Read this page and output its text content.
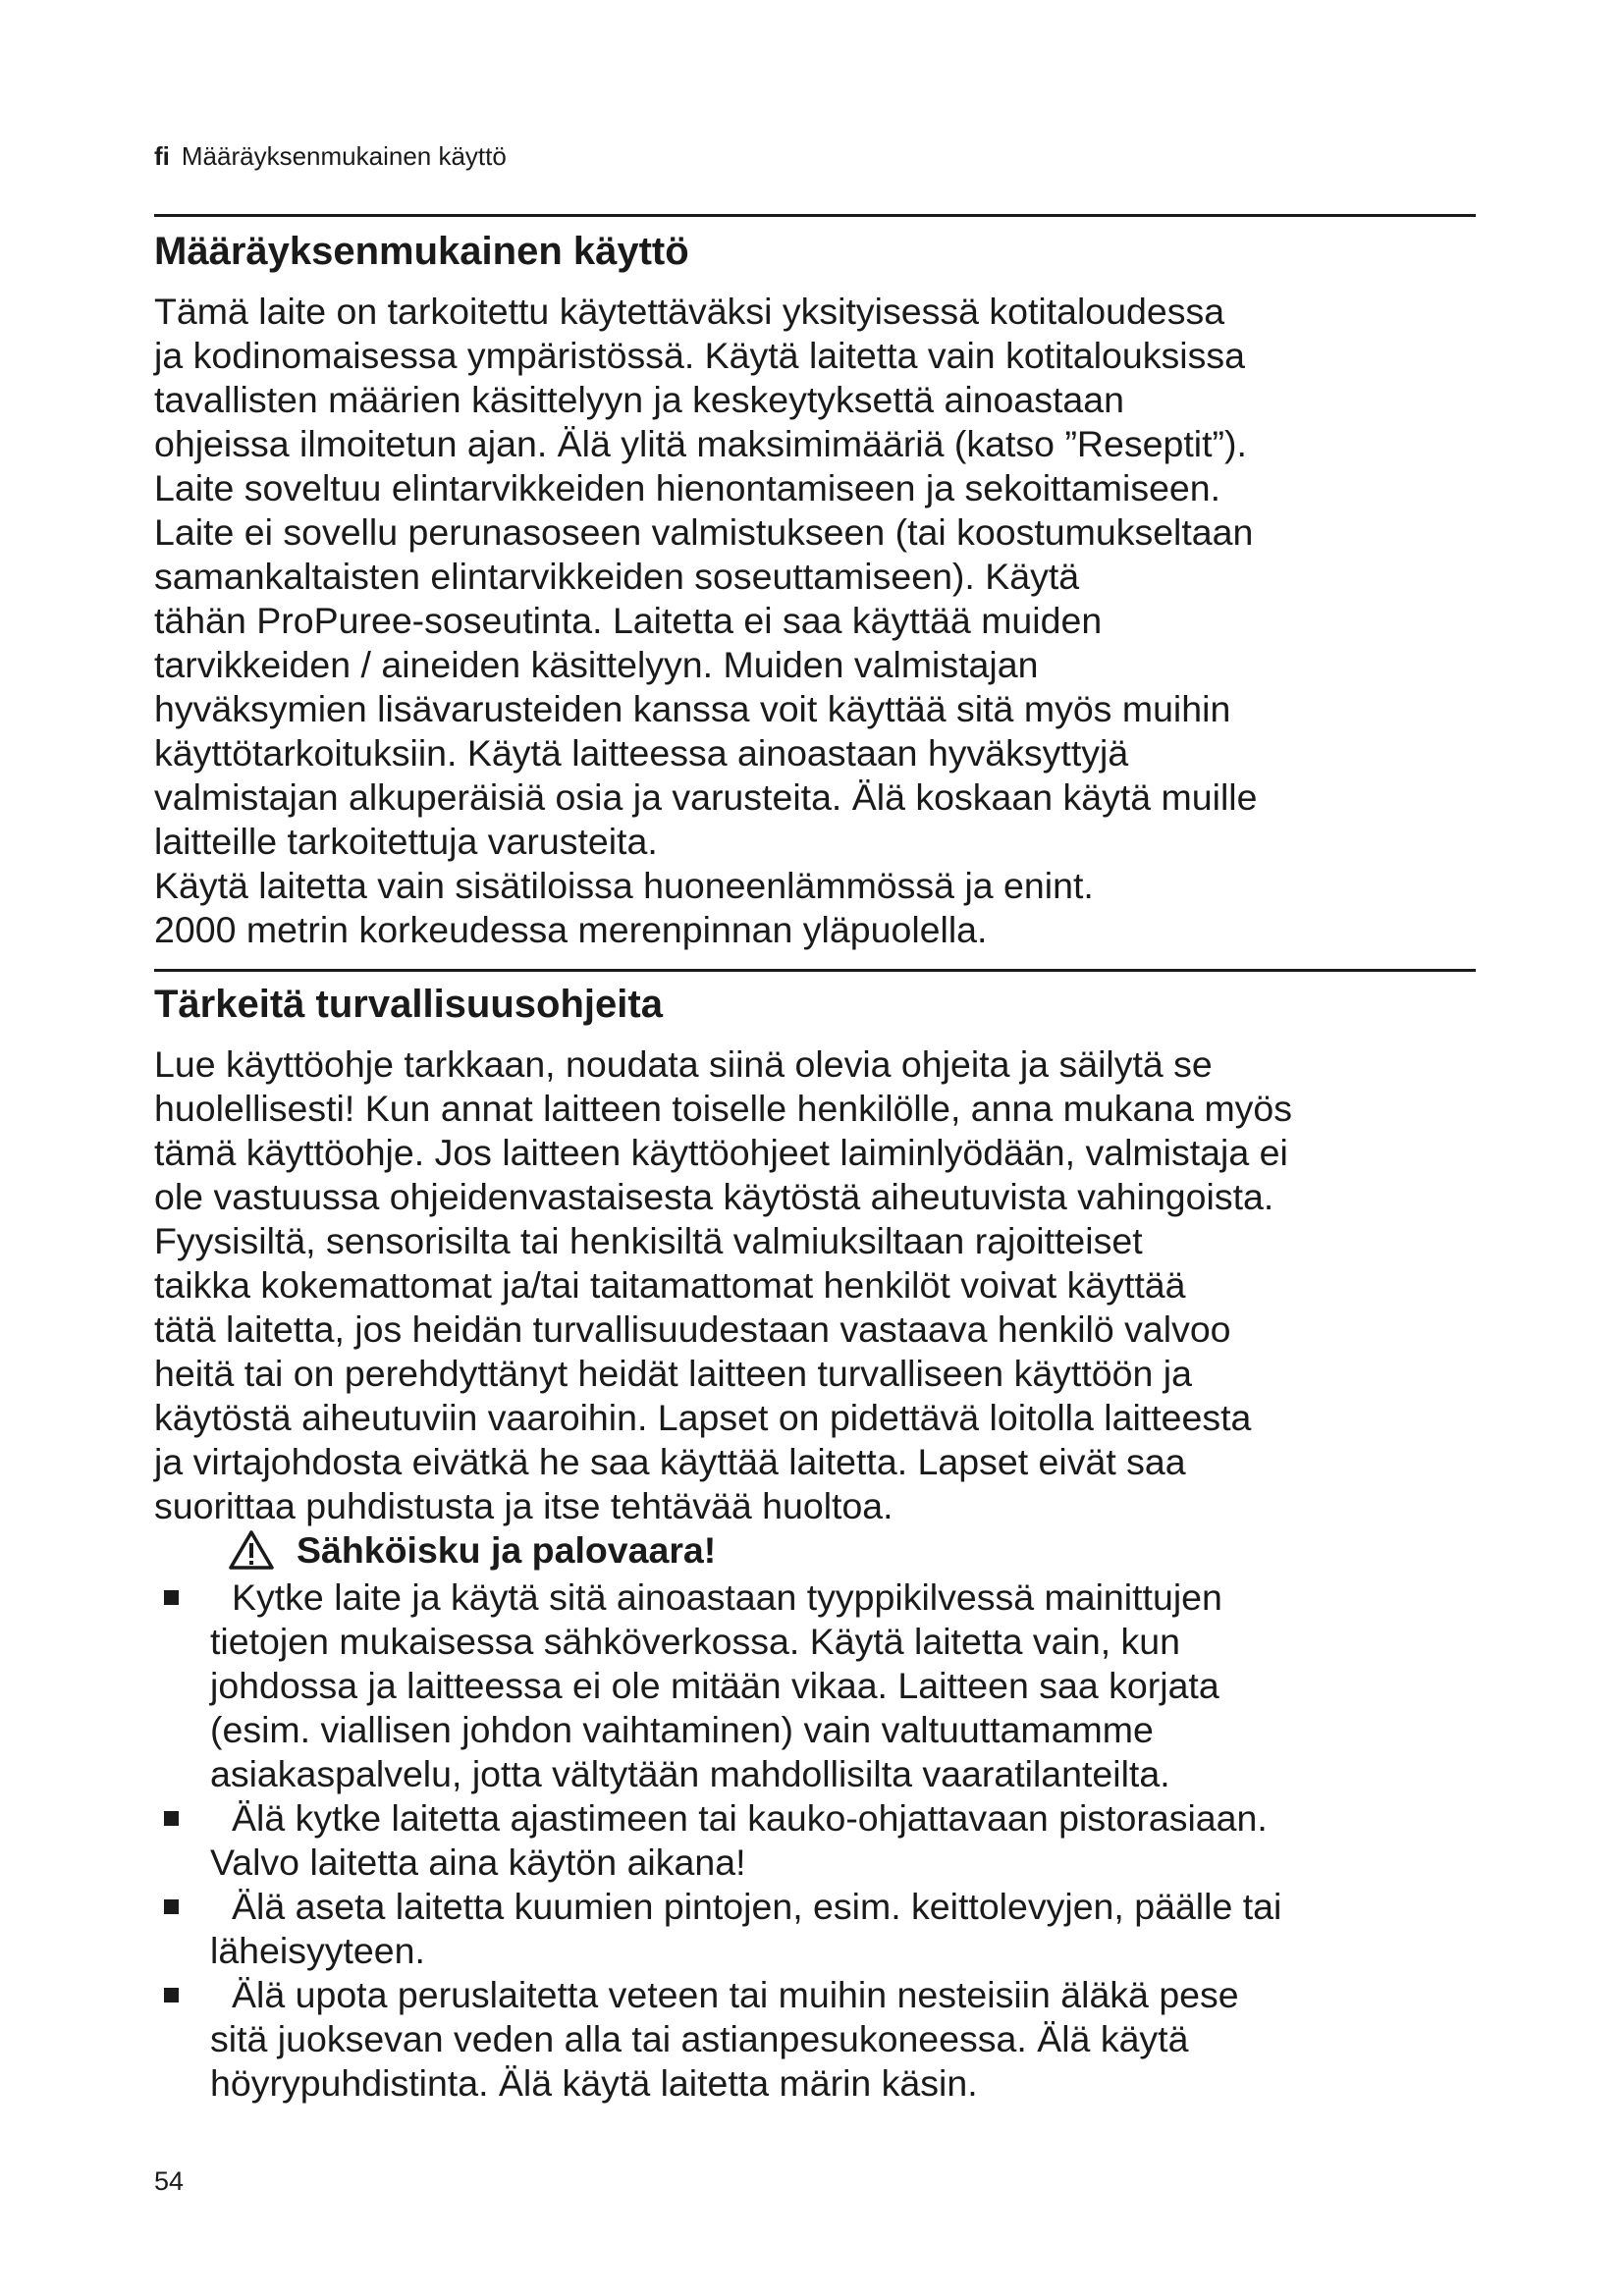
fi Määräyksenmukainen käyttö
Määräyksenmukainen käyttö
Tämä laite on tarkoitettu käytettäväksi yksityisessä kotitaloudessa
ja kodinomaisessa ympäristössä. Käytä laitetta vain kotitalouksissa
tavallisten määrien käsittelyyn ja keskeytyksettä ainoastaan
ohjeissa ilmoitetun ajan. Älä ylitä maksimimääriä (katso ”Reseptit”).
Laite soveltuu elintarvikkeiden hienontamiseen ja sekoittamiseen.
Laite ei sovellu perunasoseen valmistukseen (tai koostumukseltaan
samankaltaisten elintarvikkeiden soseuttamiseen). Käytä
tähän ProPuree-soseutinta. Laitetta ei saa käyttää muiden
tarvikkeiden / aineiden käsittelyyn. Muiden valmistajan
hyväksymien lisävarusteiden kanssa voit käyttää sitä myös muihin
käyttötarkoituksiin. Käytä laitteessa ainoastaan hyväksyttyjä
valmistajan alkuperäisiä osia ja varusteita. Älä koskaan käytä muille
laitteille tarkoitettuja varusteita.
Käytä laitetta vain sisätiloissa huoneenlämmössä ja enint.
2000 metrin korkeudessa merenpinnan yläpuolella.
Tärkeitä turvallisuusohjeita
Lue käyttöohje tarkkaan, noudata siinä olevia ohjeita ja säilytä se
huolellisesti! Kun annat laitteen toiselle henkilölle, anna mukana myös
tämä käyttöohje. Jos laitteen käyttöohjeet laiminlyödään, valmistaja ei
ole vastuussa ohjeidenvastaisesta käytöstä aiheutuvista vahingoista.
Fyysisiltä, sensorisilta tai henkisiltä valmiuksiltaan rajoitteiset
taikka kokemattomat ja/tai taitamattomat henkilöt voivat käyttää
tätä laitetta, jos heidän turvallisuudestaan vastaava henkilö valvoo
heitä tai on perehdyttänyt heidät laitteen turvalliseen käyttöön ja
käytöstä aiheutuviin vaaroihin. Lapset on pidettävä loitolla laitteesta
ja virtajohdosta eivätkä he saa käyttää laitetta. Lapset eivät saa
suorittaa puhdistusta ja itse tehtävää huoltoa.
Sähköisku ja palovaara!
Kytke laite ja käytä sitä ainoastaan tyyppikilvessä mainittujen
tietojen mukaisessa sähköverkossa. Käytä laitetta vain, kun
johdossa ja laitteessa ei ole mitään vikaa. Laitteen saa korjata
(esim. viallisen johdon vaihtaminen) vain valtuuttamamme
asiakaspalvelu, jotta vältytään mahdollisilta vaaratilanteilta.
Älä kytke laitetta ajastimeen tai kauko-ohjattavaan pistorasiaan.
Valvo laitetta aina käytön aikana!
Älä aseta laitetta kuumien pintojen, esim. keittolevyjen, päälle tai
läheisyyteen.
Älä upota peruslaitetta veteen tai muihin nesteisiin äläkä pese
sitä juoksevan veden alla tai astianpesukoneessa. Älä käytä
höyrypuhdistinta. Älä käytä laitetta märin käsin.
54
